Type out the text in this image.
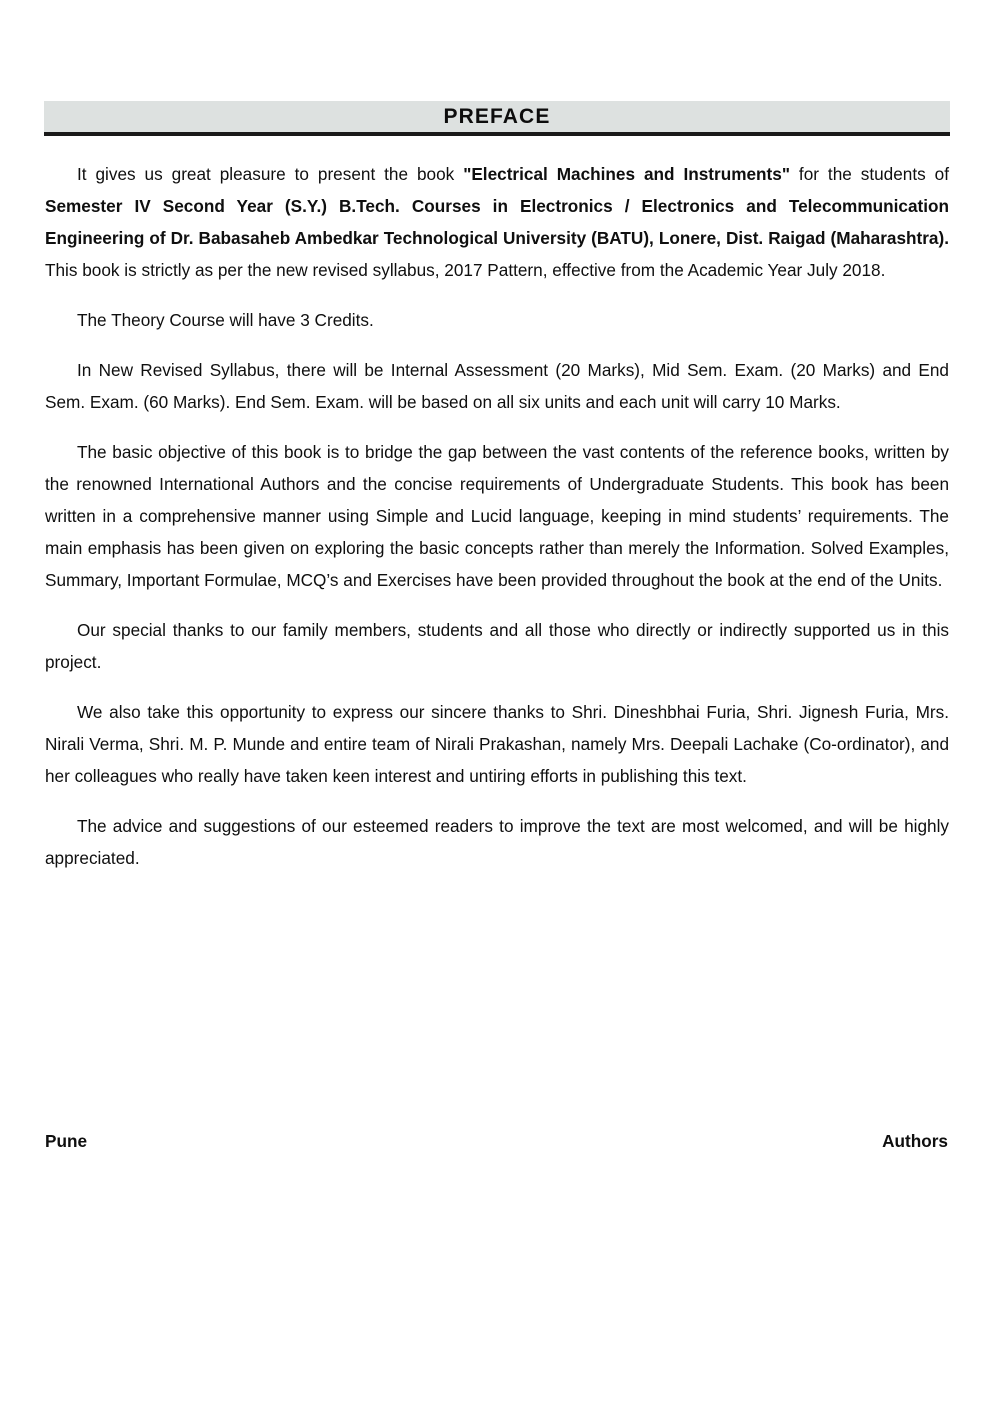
PREFACE

It gives us great pleasure to present the book "Electrical Machines and Instruments" for the students of Semester IV Second Year (S.Y.) B.Tech. Courses in Electronics / Electronics and Telecommunication Engineering of Dr. Babasaheb Ambedkar Technological University (BATU), Lonere, Dist. Raigad (Maharashtra). This book is strictly as per the new revised syllabus, 2017 Pattern, effective from the Academic Year July 2018.

The Theory Course will have 3 Credits.

In New Revised Syllabus, there will be Internal Assessment (20 Marks), Mid Sem. Exam. (20 Marks) and End Sem. Exam. (60 Marks). End Sem. Exam. will be based on all six units and each unit will carry 10 Marks.

The basic objective of this book is to bridge the gap between the vast contents of the reference books, written by the renowned International Authors and the concise requirements of Undergraduate Students. This book has been written in a comprehensive manner using Simple and Lucid language, keeping in mind students’ requirements. The main emphasis has been given on exploring the basic concepts rather than merely the Information. Solved Examples, Summary, Important Formulae, MCQ’s and Exercises have been provided throughout the book at the end of the Units.

Our special thanks to our family members, students and all those who directly or indirectly supported us in this project.

We also take this opportunity to express our sincere thanks to Shri. Dineshbhai Furia, Shri. Jignesh Furia, Mrs. Nirali Verma, Shri. M. P. Munde and entire team of Nirali Prakashan, namely Mrs. Deepali Lachake (Co-ordinator), and her colleagues who really have taken keen interest and untiring efforts in publishing this text.

The advice and suggestions of our esteemed readers to improve the text are most welcomed, and will be highly appreciated.

Pune	Authors
